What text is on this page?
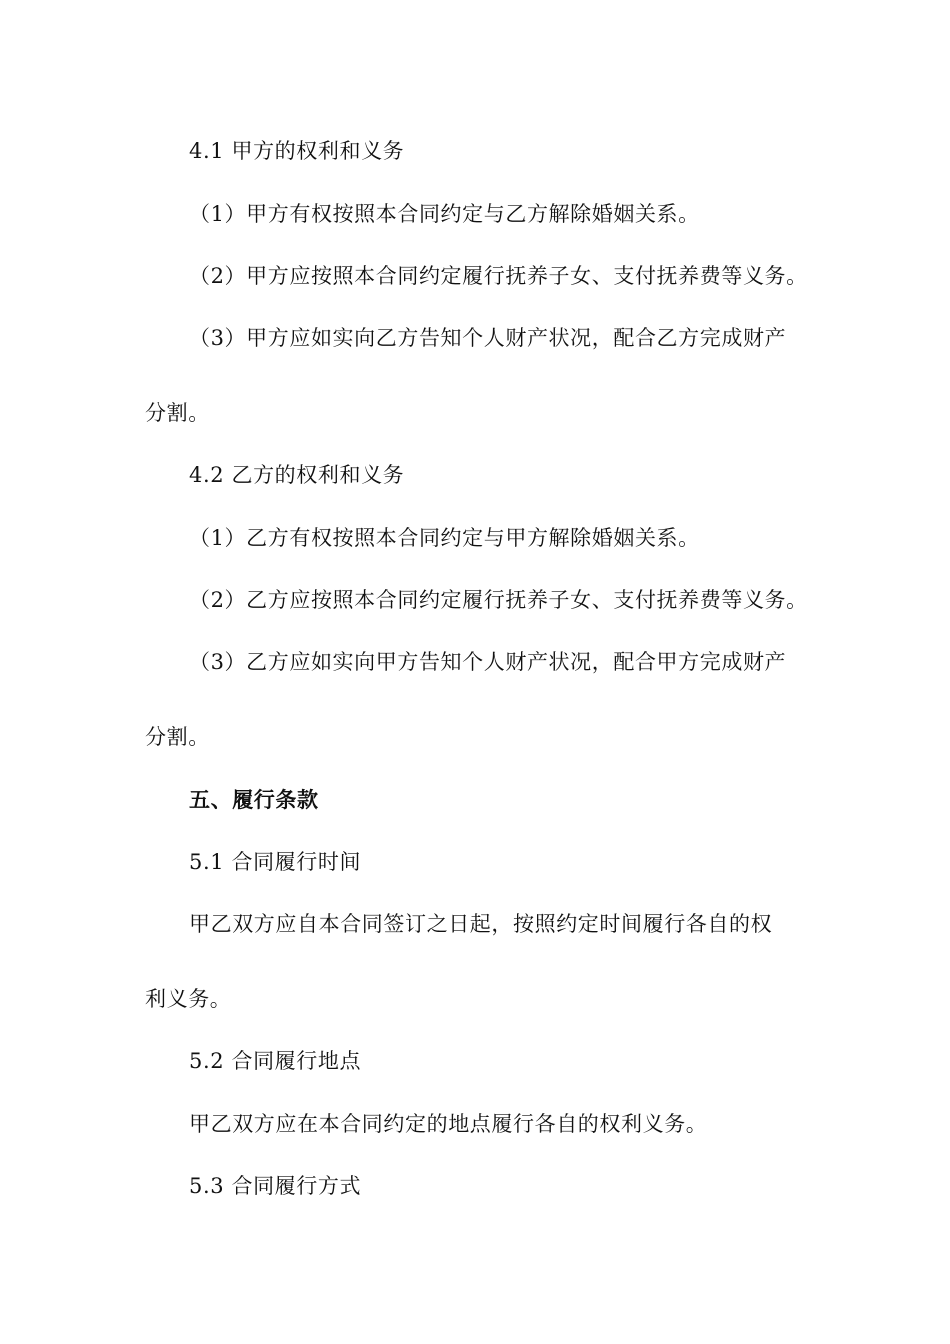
4.1 甲方的权利和义务
（1）甲方有权按照本合同约定与乙方解除婚姻关系。
（2）甲方应按照本合同约定履行抚养子女、支付抚养费等义务。
（3）甲方应如实向乙方告知个人财产状况，配合乙方完成财产
分割。
4.2 乙方的权利和义务
（1）乙方有权按照本合同约定与甲方解除婚姻关系。
（2）乙方应按照本合同约定履行抚养子女、支付抚养费等义务。
（3）乙方应如实向甲方告知个人财产状况，配合甲方完成财产
分割。
五、履行条款
5.1 合同履行时间
甲乙双方应自本合同签订之日起，按照约定时间履行各自的权
利义务。
5.2 合同履行地点
甲乙双方应在本合同约定的地点履行各自的权利义务。
5.3 合同履行方式
